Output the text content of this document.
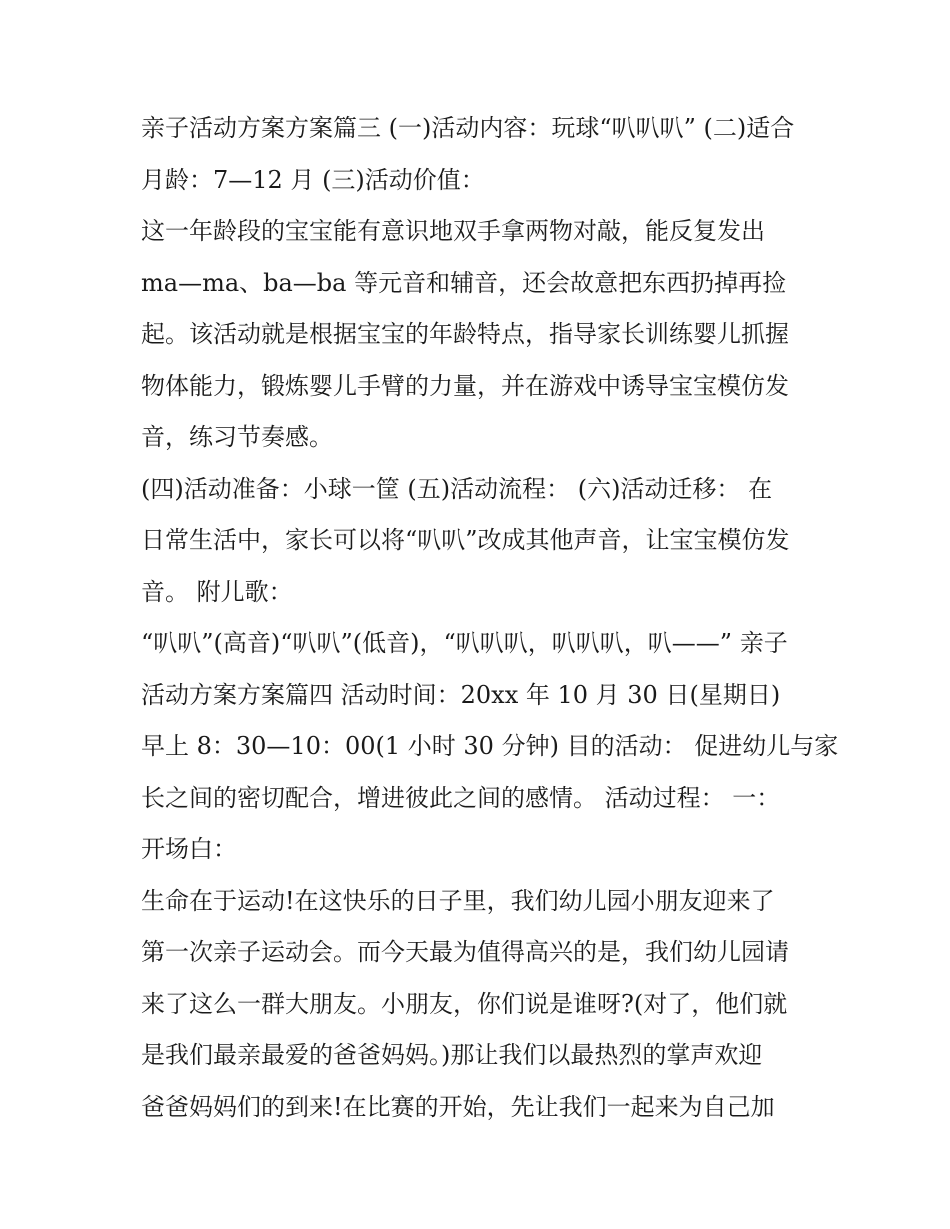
亲子活动方案方案篇三 (一)活动内容：玩球“叭叭叭” (二)适合
月龄：7—12 月 (三)活动价值：
这一年龄段的宝宝能有意识地双手拿两物对敲，能反复发出
ma—ma、ba—ba 等元音和辅音，还会故意把东西扔掉再捡
起。该活动就是根据宝宝的年龄特点，指导家长训练婴儿抓握
物体能力，锻炼婴儿手臂的力量，并在游戏中诱导宝宝模仿发
音，练习节奏感。
(四)活动准备：小球一筐 (五)活动流程： (六)活动迁移： 在
日常生活中，家长可以将“叭叭”改成其他声音，让宝宝模仿发
音。 附儿歌：
“叭叭”(高音)“叭叭”(低音)，“叭叭叭，叭叭叭，叭——” 亲子
活动方案方案篇四 活动时间：20xx 年 10 月 30 日(星期日)
早上 8：30—10：00(1 小时 30 分钟) 目的活动： 促进幼儿与家
长之间的密切配合，增进彼此之间的感情。 活动过程： 一：
开场白：
生命在于运动!在这快乐的日子里，我们幼儿园小朋友迎来了
第一次亲子运动会。而今天最为值得高兴的是，我们幼儿园请
来了这么一群大朋友。小朋友，你们说是谁呀?(对了，他们就
是我们最亲最爱的爸爸妈妈。)那让我们以最热烈的掌声欢迎
爸爸妈妈们的到来!在比赛的开始，先让我们一起来为自己加
